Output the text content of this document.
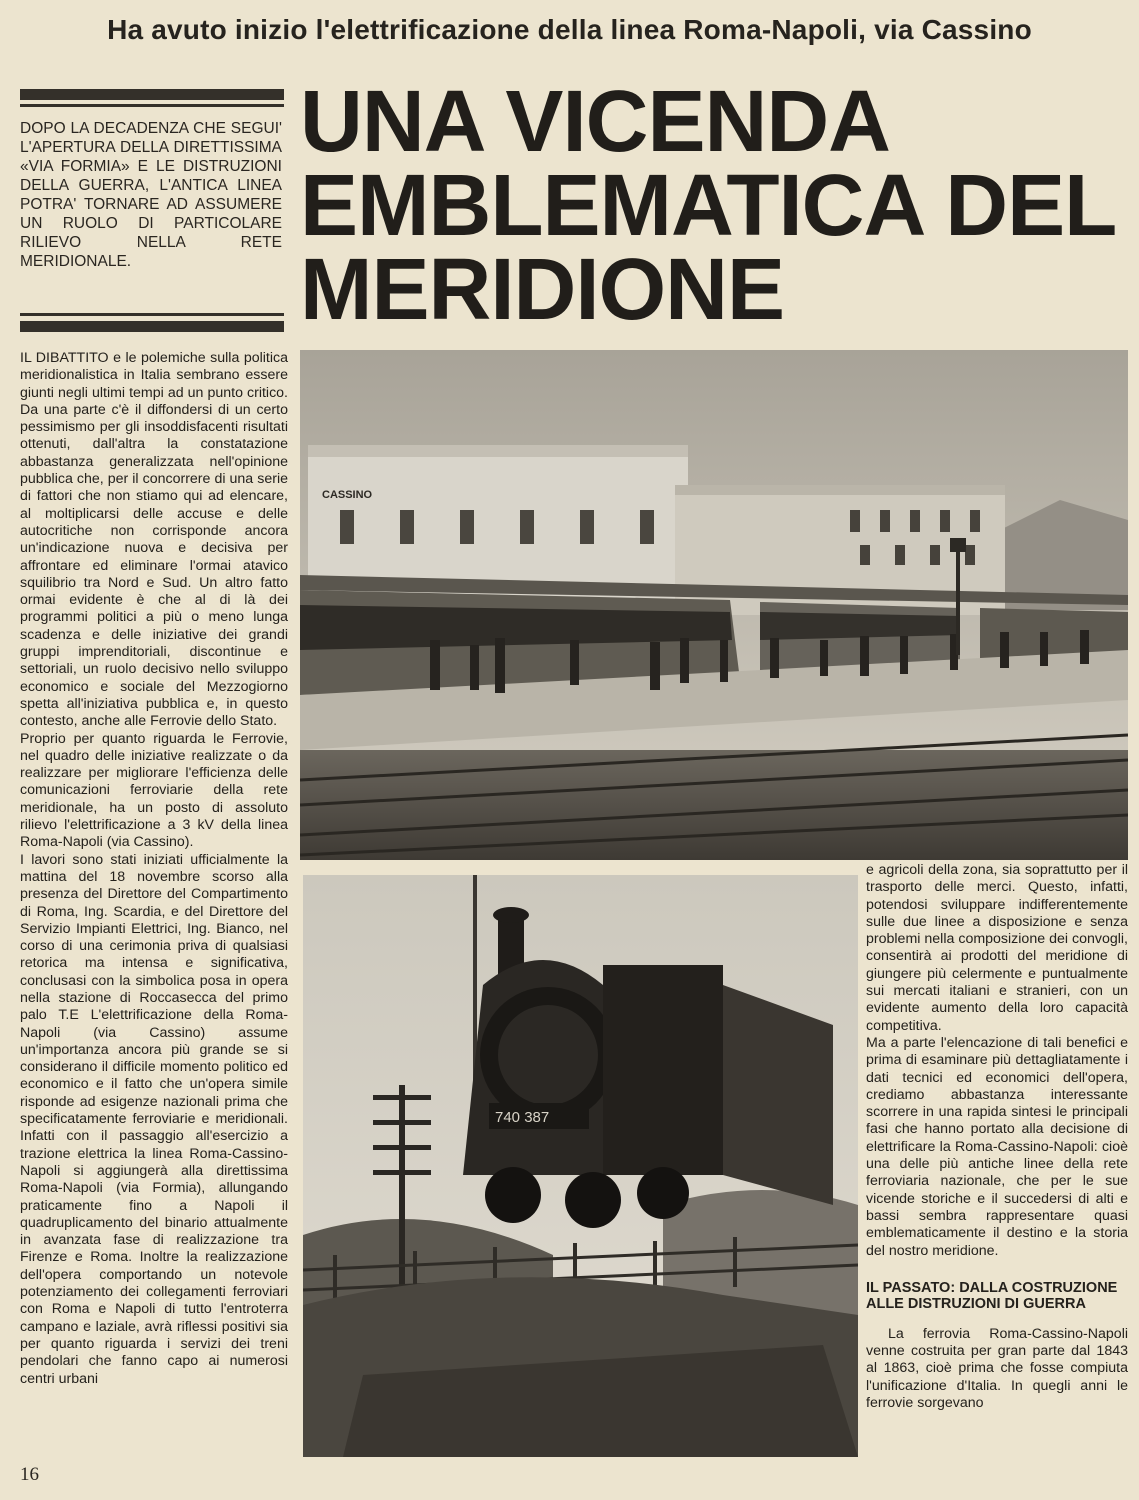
Ha avuto inizio l'elettrificazione della linea Roma-Napoli, via Cassino
DOPO LA DECADENZA CHE SEGUI' L'APERTURA DELLA DIRETTISSIMA «VIA FORMIA» E LE DISTRUZIONI DELLA GUERRA, L'ANTICA LINEA POTRA' TORNARE AD ASSUMERE UN RUOLO DI PARTICOLARE RILIEVO NELLA RETE MERIDIONALE.
UNA VICENDA
EMBLEMATICA DEL
MERIDIONE

IL DIBATTITO e le polemiche sulla politica meridionalistica in Italia sembrano essere giunti negli ultimi tempi ad un punto critico. Da una parte c'è il diffondersi di un certo pessimismo per gli insoddisfacenti risultati ottenuti, dall'altra la constatazione abbastanza generalizzata nell'opinione pubblica che, per il concorrere di una serie di fattori che non stiamo qui ad elencare, al moltiplicarsi delle accuse e delle autocritiche non corrisponde ancora un'indicazione nuova e decisiva per affrontare ed eliminare l'ormai atavico squilibrio tra Nord e Sud. Un altro fatto ormai evidente è che al di là dei programmi politici a più o meno lunga scadenza e delle iniziative dei grandi gruppi imprenditoriali, discontinue e settoriali, un ruolo decisivo nello sviluppo economico e sociale del Mezzogiorno spetta all'iniziativa pubblica e, in questo contesto, anche alle Ferrovie dello Stato.

Proprio per quanto riguarda le Ferrovie, nel quadro delle iniziative realizzate o da realizzare per migliorare l'efficienza delle comunicazioni ferroviarie della rete meridionale, ha un posto di assoluto rilievo l'elettrificazione a 3 kV della linea Roma-Napoli (via Cassino).

I lavori sono stati iniziati ufficialmente la mattina del 18 novembre scorso alla presenza del Direttore del Compartimento di Roma, Ing. Scardia, e del Direttore del Servizio Impianti Elettrici, Ing. Bianco, nel corso di una cerimonia priva di qualsiasi retorica ma intensa e significativa, conclusasi con la simbolica posa in opera nella stazione di Roccasecca del primo palo T.E L'elettrificazione della Roma-Napoli (via Cassino) assume un'importanza ancora più grande se si considerano il difficile momento politico ed economico e il fatto che un'opera simile risponde ad esigenze nazionali prima che specificatamente ferroviarie e meridionali. Infatti con il passaggio all'esercizio a trazione elettrica la linea Roma-Cassino-Napoli si aggiungerà alla direttissima Roma-Napoli (via Formia), allungando praticamente fino a Napoli il quadruplicamento del binario attualmente in avanzata fase di realizzazione tra Firenze e Roma. Inoltre la realizzazione dell'opera comportando un notevole potenziamento dei collegamenti ferroviari con Roma e Napoli di tutto l'entroterra campano e laziale, avrà riflessi positivi sia per quanto riguarda i servizi dei treni pendolari che fanno capo ai numerosi centri urbani

CASSINO
740 387

e agricoli della zona, sia soprattutto per il trasporto delle merci. Questo, infatti, potendosi sviluppare indifferentemente sulle due linee a disposizione e senza problemi nella composizione dei convogli, consentirà ai prodotti del meridione di giungere più celermente e puntualmente sui mercati italiani e stranieri, con un evidente aumento della loro capacità competitiva.

Ma a parte l'elencazione di tali benefici e prima di esaminare più dettagliatamente i dati tecnici ed economici dell'opera, crediamo abbastanza interessante scorrere in una rapida sintesi le principali fasi che hanno portato alla decisione di elettrificare la Roma-Cassino-Napoli: cioè una delle più antiche linee della rete ferroviaria nazionale, che per le sue vicende storiche e il succedersi di alti e bassi sembra rappresentare quasi emblematicamente il destino e la storia del nostro meridione.

IL PASSATO: DALLA COSTRUZIONE ALLE DISTRUZIONI DI GUERRA

La ferrovia Roma-Cassino-Napoli venne costruita per gran parte dal 1843 al 1863, cioè prima che fosse compiuta l'unificazione d'Italia. In quegli anni le ferrovie sorgevano

16
